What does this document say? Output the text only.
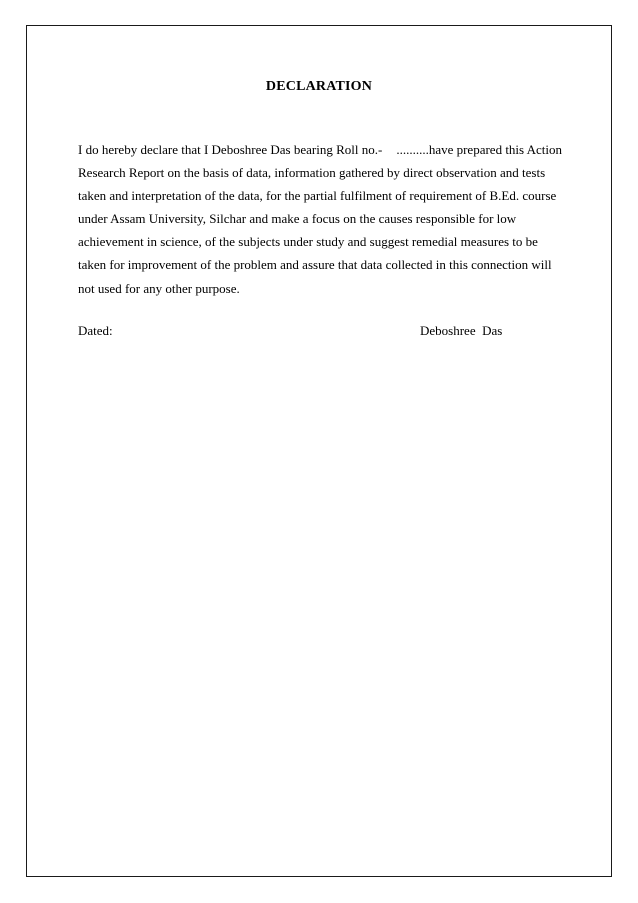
DECLARATION
I do hereby declare that I Deboshree Das bearing Roll no.- ..........have prepared this Action
Research Report on the basis of data, information gathered by direct observation and tests
taken and interpretation of the data, for the partial fulfilment of requirement of B.Ed. course
under Assam University, Silchar and make a focus on the causes responsible for low
achievement in science, of the subjects under study and suggest remedial measures to be
taken for improvement of the problem and assure that data collected in this connection will
not used for any other purpose.
Dated:	Deboshree  Das
